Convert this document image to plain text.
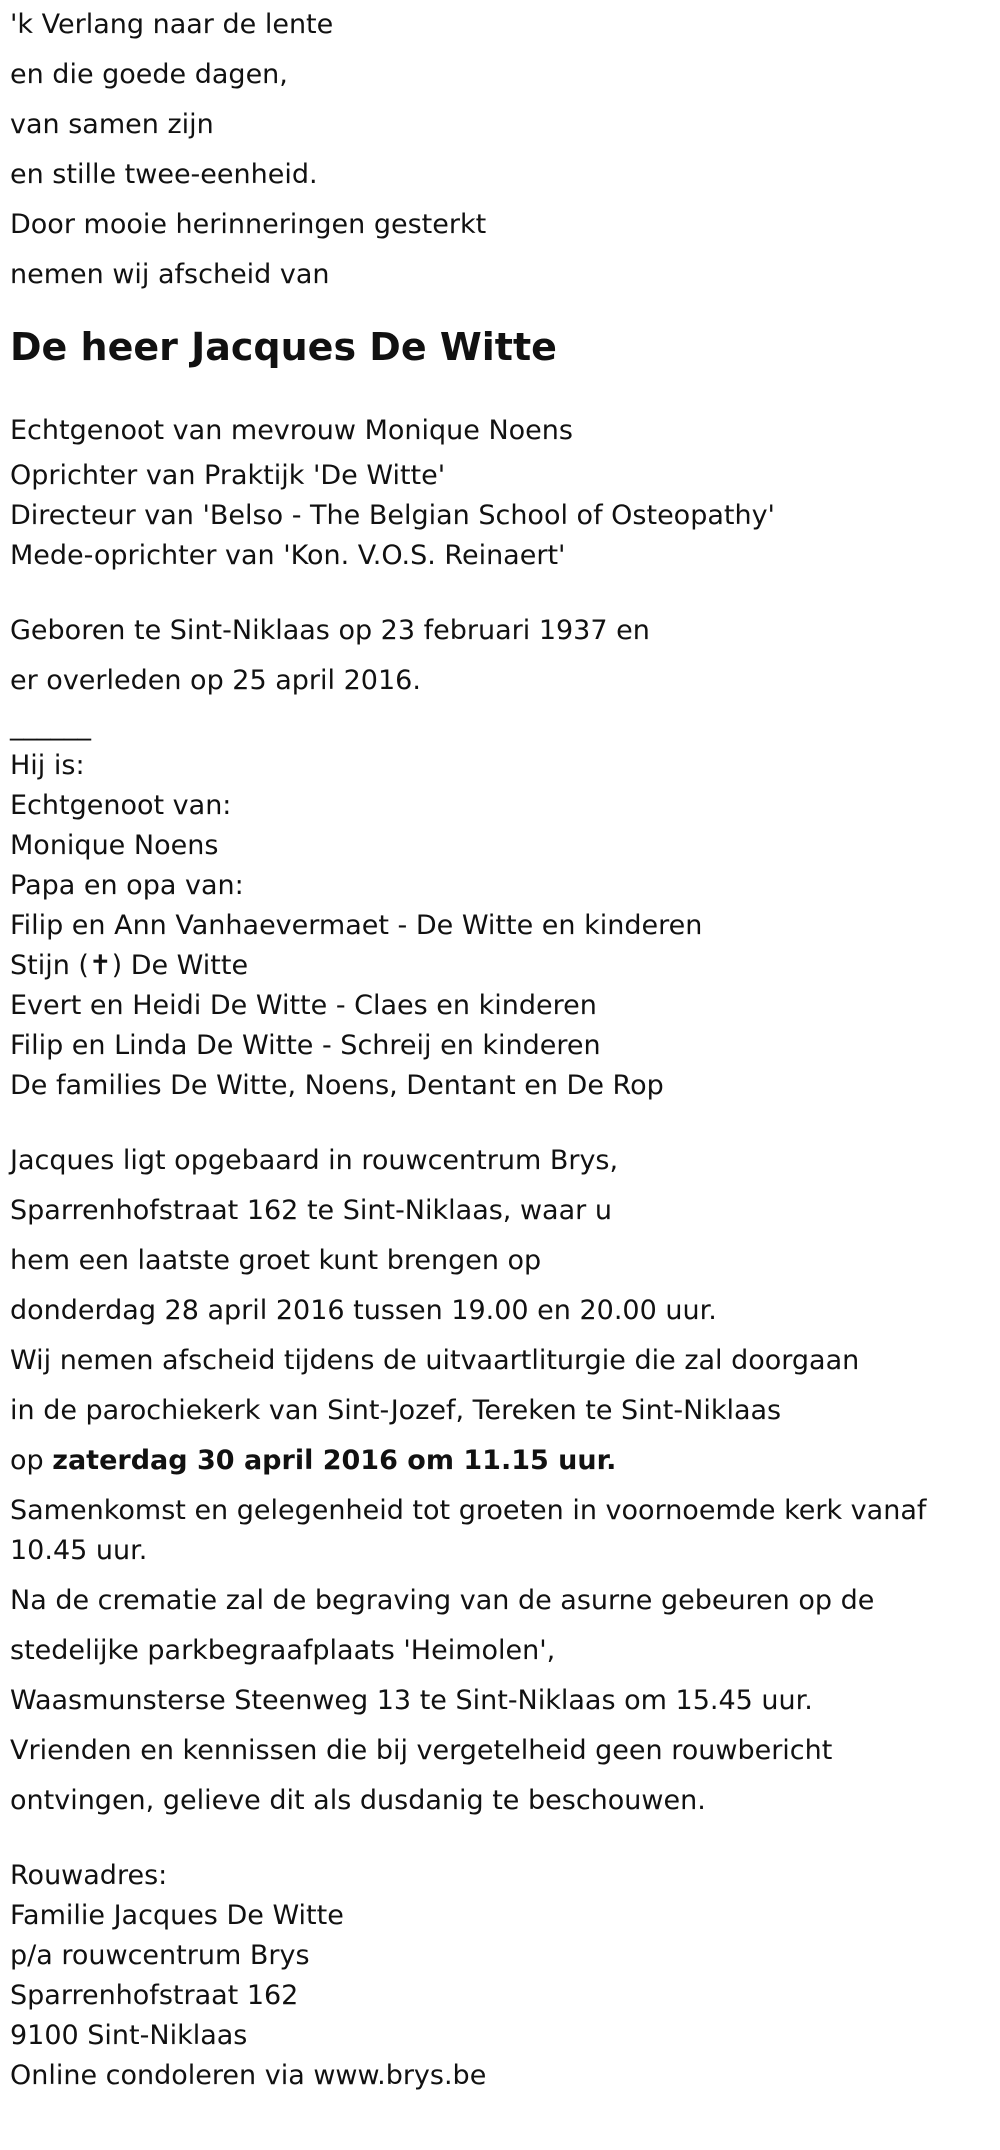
'k Verlang naar de lente

en die goede dagen,

van samen zijn

en stille twee-eenheid.

Door mooie herinneringen gesterkt

nemen wij afscheid van

De heer Jacques De Witte

Echtgenoot van mevrouw Monique Noens

Oprichter van Praktijk 'De Witte'

Directeur van 'Belso - The Belgian School of Osteopathy'

Mede-oprichter van 'Kon. V.O.S. Reinaert'

Geboren te Sint-Niklaas op 23 februari 1937 en

er overleden op 25 april 2016.

______

Hij is:

Echtgenoot van:

Monique Noens

Papa en opa van:

Filip en Ann Vanhaevermaet - De Witte en kinderen

Stijn (✝) De Witte

Evert en Heidi De Witte - Claes en kinderen

Filip en Linda De Witte - Schreij en kinderen

De families De Witte, Noens, Dentant en De Rop

Jacques ligt opgebaard in rouwcentrum Brys,

Sparrenhofstraat 162 te Sint-Niklaas, waar u

hem een laatste groet kunt brengen op

donderdag 28 april 2016 tussen 19.00 en 20.00 uur.

Wij nemen afscheid tijdens de uitvaartliturgie die zal doorgaan

in de parochiekerk van Sint-Jozef, Tereken te Sint-Niklaas

op zaterdag 30 april 2016 om 11.15 uur.

Samenkomst en gelegenheid tot groeten in voornoemde kerk vanaf 10.45 uur.

Na de crematie zal de begraving van de asurne gebeuren op de

stedelijke parkbegraafplaats 'Heimolen',

Waasmunsterse Steenweg 13 te Sint-Niklaas om 15.45 uur.

Vrienden en kennissen die bij vergetelheid geen rouwbericht

ontvingen, gelieve dit als dusdanig te beschouwen.

Rouwadres:

Familie Jacques De Witte

p/a rouwcentrum Brys

Sparrenhofstraat 162

9100 Sint-Niklaas

Online condoleren via www.brys.be
